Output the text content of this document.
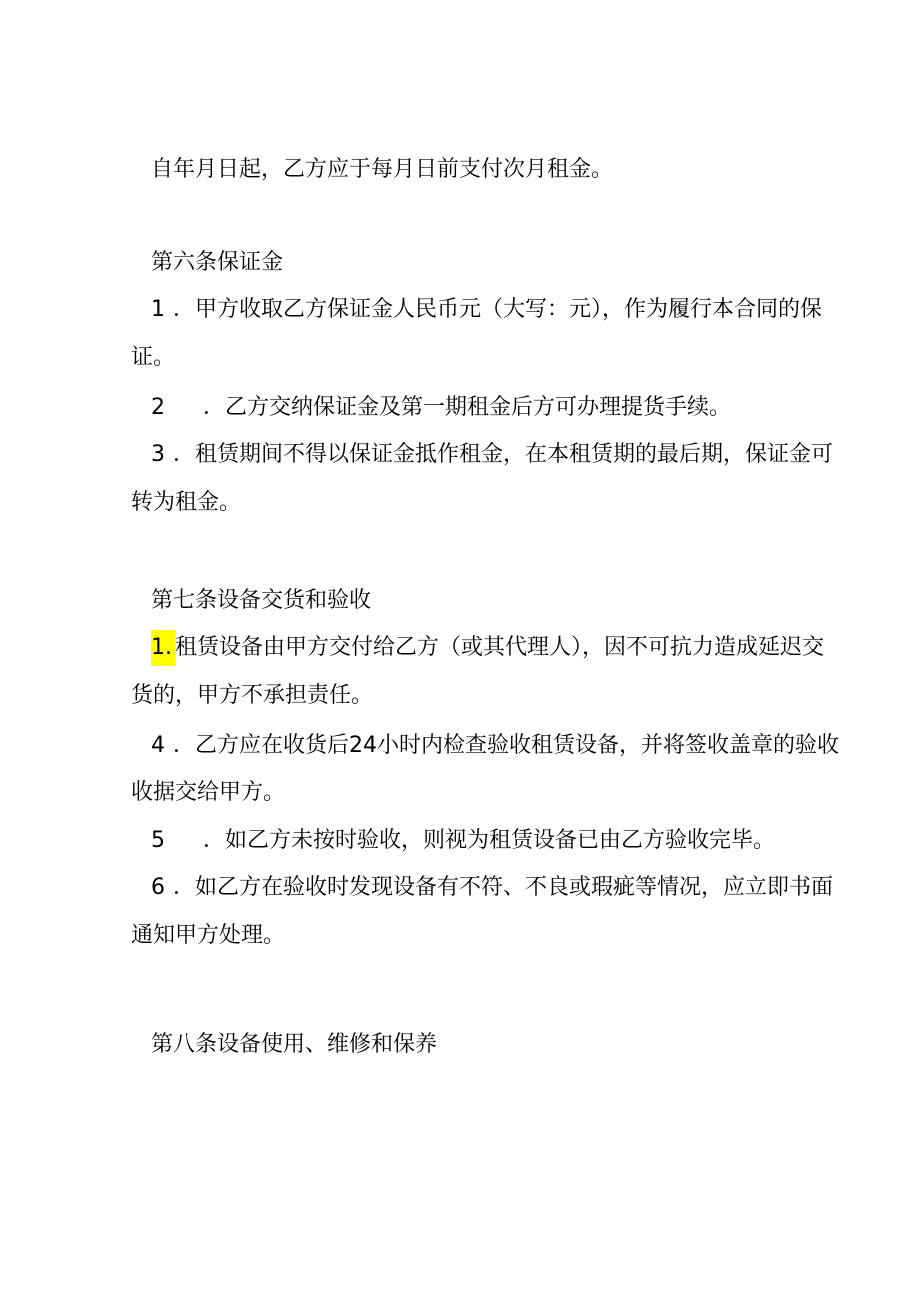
自年月日起，乙方应于每月日前支付次月租金。
第六条保证金
1 ．甲方收取乙方保证金人民币元（大写：元），作为履行本合同的保
证。
2 ．乙方交纳保证金及第一期租金后方可办理提货手续。
3 ．租赁期间不得以保证金抵作租金，在本租赁期的最后期，保证金可
转为租金。
第七条设备交货和验收
1. 租赁设备由甲方交付给乙方（或其代理人），因不可抗力造成延迟交
货的，甲方不承担责任。
4 ．乙方应在收货后24小时内检查验收租赁设备，并将签收盖章的验收
收据交给甲方。
5 ．如乙方未按时验收，则视为租赁设备已由乙方验收完毕。
6 ．如乙方在验收时发现设备有不符、不良或瑕疵等情况，应立即书面
通知甲方处理。
第八条设备使用、维修和保养
